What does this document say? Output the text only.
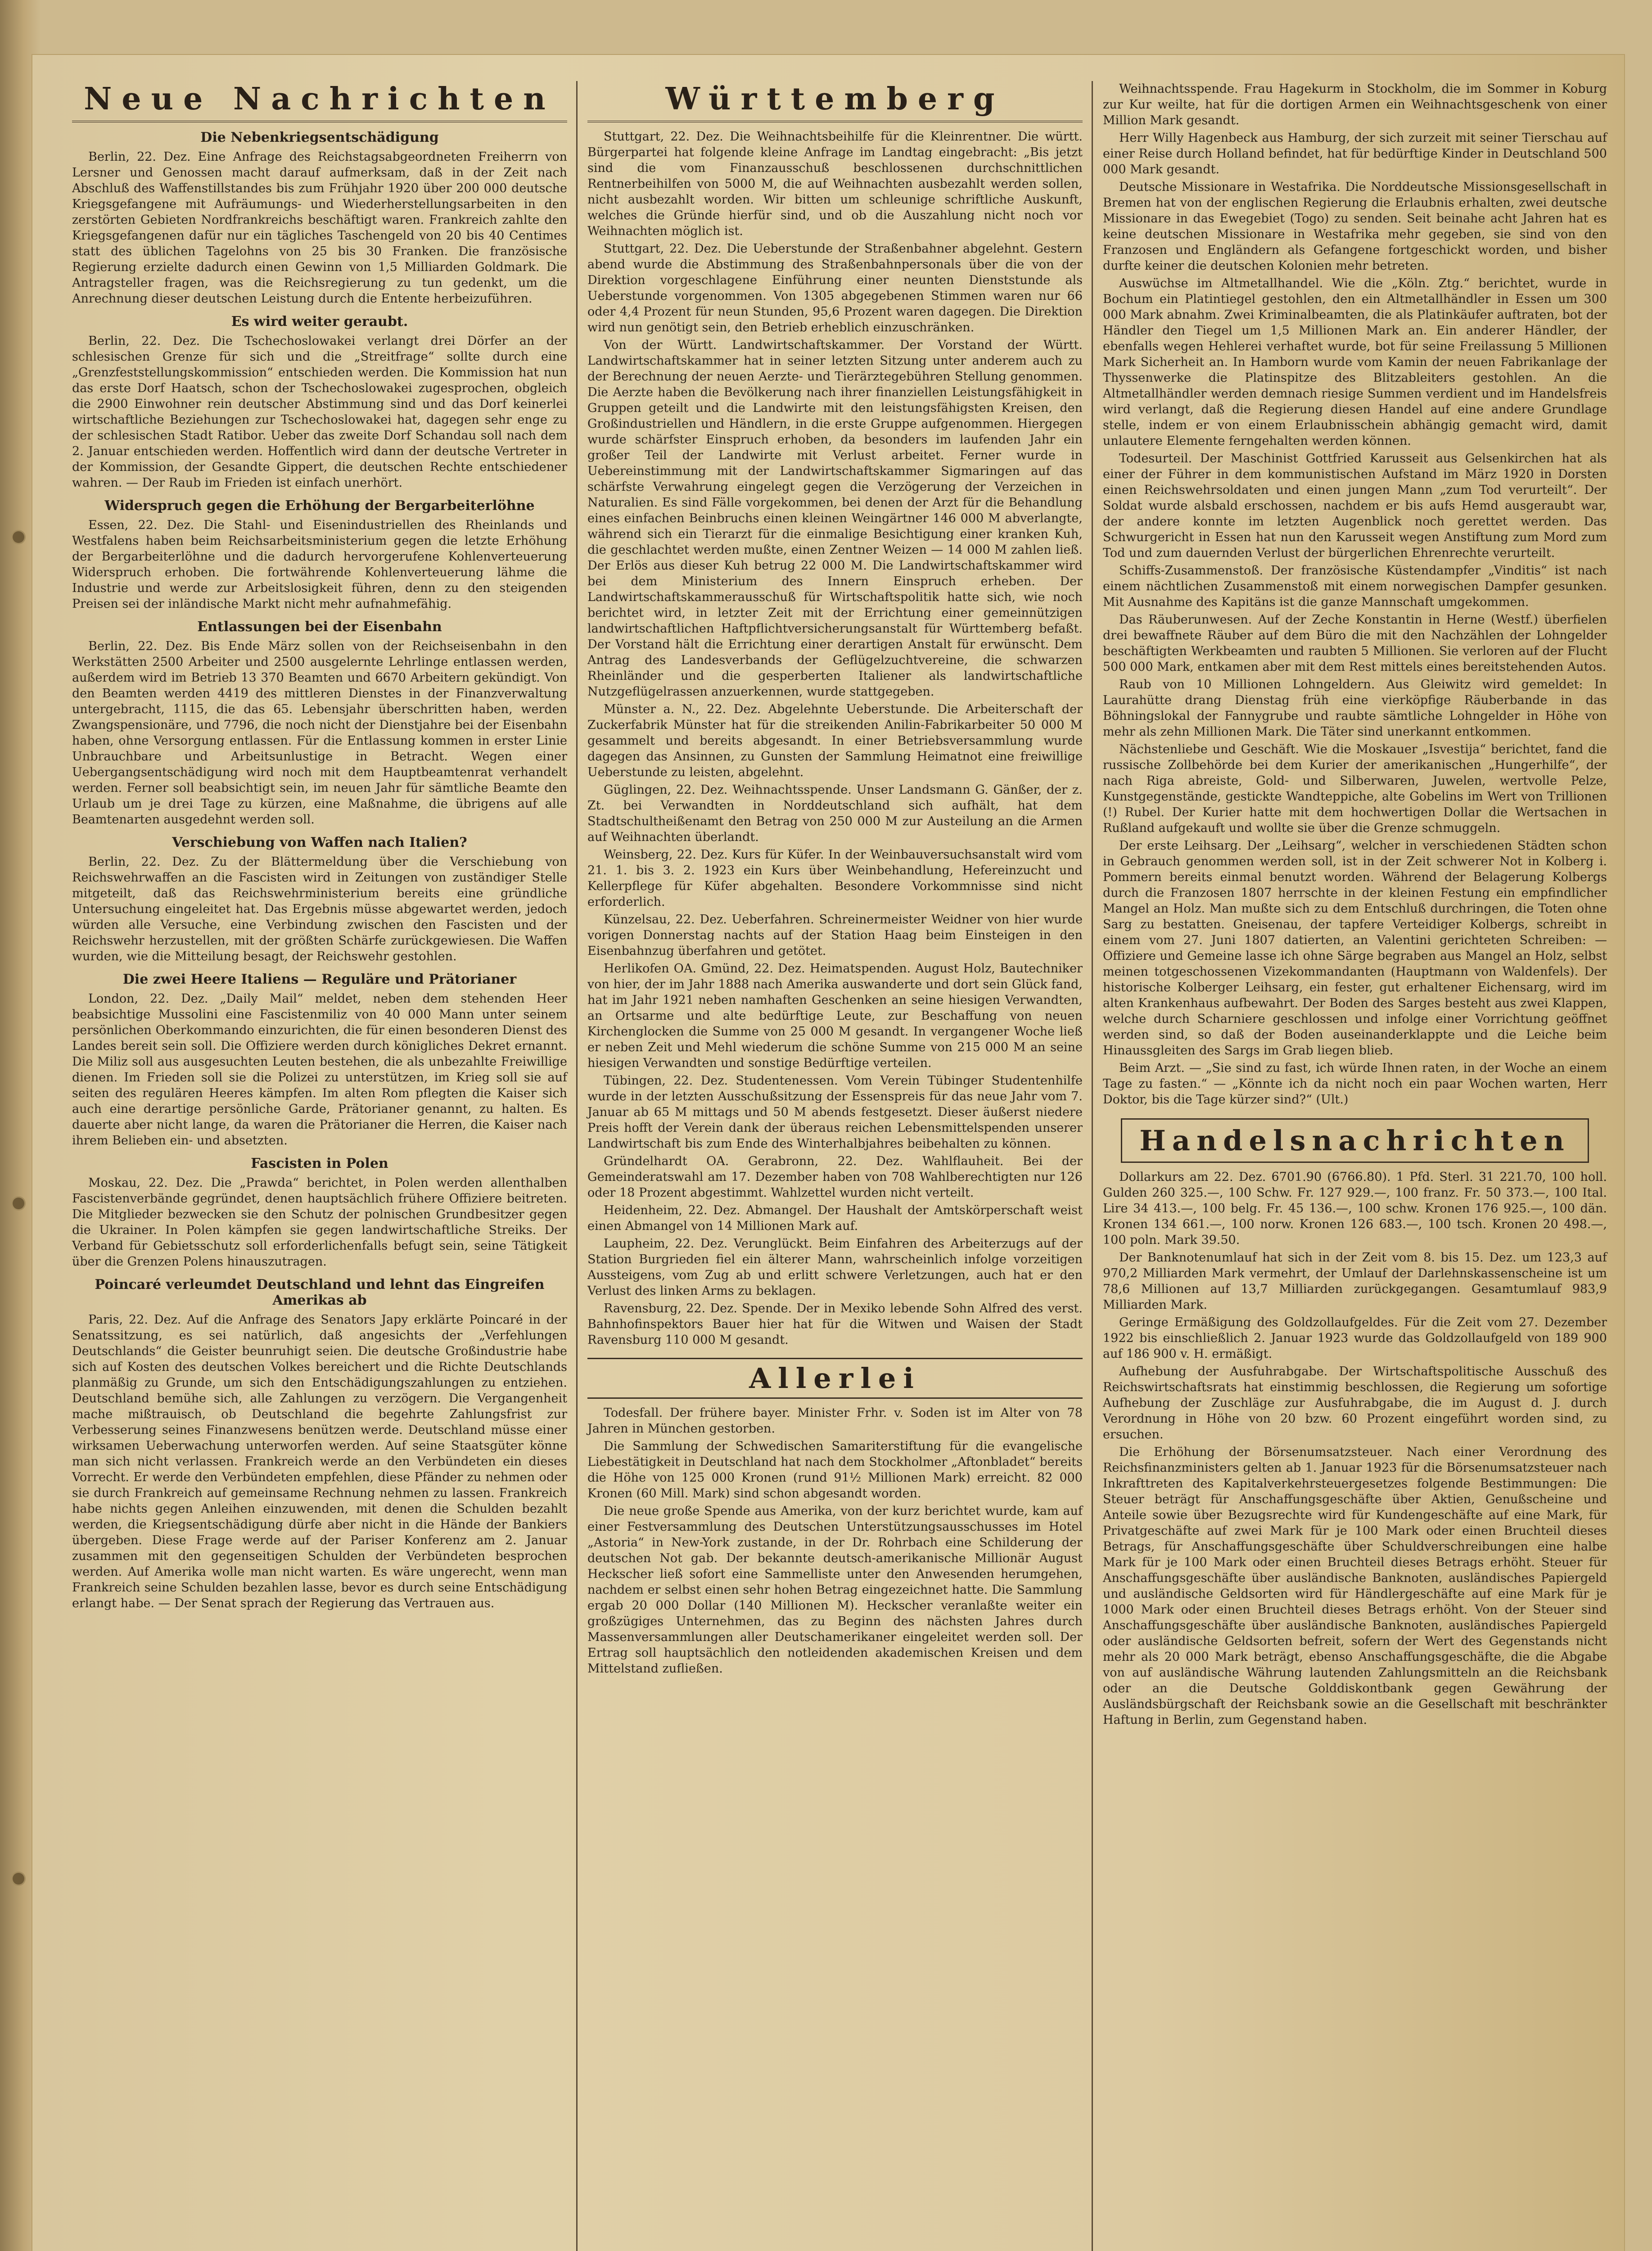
Neue Nachrichten
Die Nebenkriegsentschädigung

Berlin, 22. Dez. Eine Anfrage des Reichstagsabgeordneten Freiherrn von Lersner und Genossen macht darauf aufmerksam, daß in der Zeit nach Abschluß des Waffenstillstandes bis zum Frühjahr 1920 über 200 000 deutsche Kriegsgefangene mit Aufräumungs- und Wiederherstellungsarbeiten in den zerstörten Gebieten Nordfrankreichs beschäftigt waren. Frankreich zahlte den Kriegsgefangenen dafür nur ein tägliches Taschengeld von 20 bis 40 Centimes statt des üblichen Tagelohns von 25 bis 30 Franken. Die französische Regierung erzielte dadurch einen Gewinn von 1,5 Milliarden Goldmark. Die Antragsteller fragen, was die Reichsregierung zu tun gedenkt, um die Anrechnung dieser deutschen Leistung durch die Entente herbeizuführen.

Es wird weiter geraubt.

Berlin, 22. Dez. Die Tschechoslowakei verlangt drei Dörfer an der schlesischen Grenze für sich und die „Streitfrage“ sollte durch eine „Grenzfeststellungskommission“ entschieden werden. Die Kommission hat nun das erste Dorf Haatsch, schon der Tschechoslowakei zugesprochen, obgleich die 2900 Einwohner rein deutscher Abstimmung sind und das Dorf keinerlei wirtschaftliche Beziehungen zur Tschechoslowakei hat, dagegen sehr enge zu der schlesischen Stadt Ratibor. Ueber das zweite Dorf Schandau soll nach dem 2. Januar entschieden werden. Hoffentlich wird dann der deutsche Vertreter in der Kommission, der Gesandte Gippert, die deutschen Rechte entschiedener wahren. — Der Raub im Frieden ist einfach unerhört.

Widerspruch gegen die Erhöhung der Bergarbeiterlöhne

Essen, 22. Dez. Die Stahl- und Eisenindustriellen des Rheinlands und Westfalens haben beim Reichsarbeitsministerium gegen die letzte Erhöhung der Bergarbeiterlöhne und die dadurch hervorgerufene Kohlenverteuerung Widerspruch erhoben. Die fortwährende Kohlenverteuerung lähme die Industrie und werde zur Arbeitslosigkeit führen, denn zu den steigenden Preisen sei der inländische Markt nicht mehr aufnahmefähig.

Entlassungen bei der Eisenbahn

Berlin, 22. Dez. Bis Ende März sollen von der Reichseisenbahn in den Werkstätten 2500 Arbeiter und 2500 ausgelernte Lehrlinge entlassen werden, außerdem wird im Betrieb 13 370 Beamten und 6670 Arbeitern gekündigt. Von den Beamten werden 4419 des mittleren Dienstes in der Finanzverwaltung untergebracht, 1115, die das 65. Lebensjahr überschritten haben, werden Zwangspensionäre, und 7796, die noch nicht der Dienstjahre bei der Eisenbahn haben, ohne Versorgung entlassen. Für die Entlassung kommen in erster Linie Unbrauchbare und Arbeitsunlustige in Betracht. Wegen einer Uebergangsentschädigung wird noch mit dem Hauptbeamtenrat verhandelt werden. Ferner soll beabsichtigt sein, im neuen Jahr für sämtliche Beamte den Urlaub um je drei Tage zu kürzen, eine Maßnahme, die übrigens auf alle Beamtenarten ausgedehnt werden soll.

Verschiebung von Waffen nach Italien?

Berlin, 22. Dez. Zu der Blättermeldung über die Verschiebung von Reichswehrwaffen an die Fascisten wird in Zeitungen von zuständiger Stelle mitgeteilt, daß das Reichswehrministerium bereits eine gründliche Untersuchung eingeleitet hat. Das Ergebnis müsse abgewartet werden, jedoch würden alle Versuche, eine Verbindung zwischen den Fascisten und der Reichswehr herzustellen, mit der größten Schärfe zurückgewiesen. Die Waffen wurden, wie die Mitteilung besagt, der Reichswehr gestohlen.

Die zwei Heere Italiens — Reguläre und Prätorianer

London, 22. Dez. „Daily Mail“ meldet, neben dem stehenden Heer beabsichtige Mussolini eine Fascistenmiliz von 40 000 Mann unter seinem persönlichen Oberkommando einzurichten, die für einen besonderen Dienst des Landes bereit sein soll. Die Offiziere werden durch königliches Dekret ernannt. Die Miliz soll aus ausgesuchten Leuten bestehen, die als unbezahlte Freiwillige dienen. Im Frieden soll sie die Polizei zu unterstützen, im Krieg soll sie auf seiten des regulären Heeres kämpfen. Im alten Rom pflegten die Kaiser sich auch eine derartige persönliche Garde, Prätorianer genannt, zu halten. Es dauerte aber nicht lange, da waren die Prätorianer die Herren, die Kaiser nach ihrem Belieben ein- und absetzten.

Fascisten in Polen

Moskau, 22. Dez. Die „Prawda“ berichtet, in Polen werden allenthalben Fascistenverbände gegründet, denen hauptsächlich frühere Offiziere beitreten. Die Mitglieder bezwecken sie den Schutz der polnischen Grundbesitzer gegen die Ukrainer. In Polen kämpfen sie gegen landwirtschaftliche Streiks. Der Verband für Gebietsschutz soll erforderlichenfalls befugt sein, seine Tätigkeit über die Grenzen Polens hinauszutragen.

Poincaré verleumdet Deutschland und lehnt das Eingreifen Amerikas ab

Paris, 22. Dez. Auf die Anfrage des Senators Japy erklärte Poincaré in der Senatssitzung, es sei natürlich, daß angesichts der „Verfehlungen Deutschlands“ die Geister beunruhigt seien. Die deutsche Großindustrie habe sich auf Kosten des deutschen Volkes bereichert und die Richte Deutschlands planmäßig zu Grunde, um sich den Entschädigungszahlungen zu entziehen. Deutschland bemühe sich, alle Zahlungen zu verzögern. Die Vergangenheit mache mißtrauisch, ob Deutschland die begehrte Zahlungsfrist zur Verbesserung seines Finanzwesens benützen werde. Deutschland müsse einer wirksamen Ueberwachung unterworfen werden. Auf seine Staatsgüter könne man sich nicht verlassen. Frankreich werde an den Verbündeten ein dieses Vorrecht. Er werde den Verbündeten empfehlen, diese Pfänder zu nehmen oder sie durch Frankreich auf gemeinsame Rechnung nehmen zu lassen. Frankreich habe nichts gegen Anleihen einzuwenden, mit denen die Schulden bezahlt werden, die Kriegsentschädigung dürfe aber nicht in die Hände der Bankiers übergeben. Diese Frage werde auf der Pariser Konferenz am 2. Januar zusammen mit den gegenseitigen Schulden der Verbündeten besprochen werden. Auf Amerika wolle man nicht warten. Es wäre ungerecht, wenn man Frankreich seine Schulden bezahlen lasse, bevor es durch seine Entschädigung erlangt habe. — Der Senat sprach der Regierung das Vertrauen aus.

Württemberg

Stuttgart, 22. Dez. Die Weihnachtsbeihilfe für die Kleinrentner. Die württ. Bürgerpartei hat folgende kleine Anfrage im Landtag eingebracht: „Bis jetzt sind die vom Finanzausschuß beschlossenen durchschnittlichen Rentnerbeihilfen von 5000 M, die auf Weihnachten ausbezahlt werden sollen, nicht ausbezahlt worden. Wir bitten um schleunige schriftliche Auskunft, welches die Gründe hierfür sind, und ob die Auszahlung nicht noch vor Weihnachten möglich ist.

Stuttgart, 22. Dez. Die Ueberstunde der Straßenbahner abgelehnt. Gestern abend wurde die Abstimmung des Straßenbahnpersonals über die von der Direktion vorgeschlagene Einführung einer neunten Dienststunde als Ueberstunde vorgenommen. Von 1305 abgegebenen Stimmen waren nur 66 oder 4,4 Prozent für neun Stunden, 95,6 Prozent waren dagegen. Die Direktion wird nun genötigt sein, den Betrieb erheblich einzuschränken.

Von der Württ. Landwirtschaftskammer. Der Vorstand der Württ. Landwirtschaftskammer hat in seiner letzten Sitzung unter anderem auch zu der Berechnung der neuen Aerzte- und Tierärztegebühren Stellung genommen. Die Aerzte haben die Bevölkerung nach ihrer finanziellen Leistungsfähigkeit in Gruppen geteilt und die Landwirte mit den leistungsfähigsten Kreisen, den Großindustriellen und Händlern, in die erste Gruppe aufgenommen. Hiergegen wurde schärfster Einspruch erhoben, da besonders im laufenden Jahr ein großer Teil der Landwirte mit Verlust arbeitet. Ferner wurde in Uebereinstimmung mit der Landwirtschaftskammer Sigmaringen auf das schärfste Verwahrung eingelegt gegen die Verzögerung der Verzeichen in Naturalien. Es sind Fälle vorgekommen, bei denen der Arzt für die Behandlung eines einfachen Beinbruchs einen kleinen Weingärtner 146 000 M abverlangte, während sich ein Tierarzt für die einmalige Besichtigung einer kranken Kuh, die geschlachtet werden mußte, einen Zentner Weizen — 14 000 M zahlen ließ. Der Erlös aus dieser Kuh betrug 22 000 M. Die Landwirtschaftskammer wird bei dem Ministerium des Innern Einspruch erheben. Der Landwirtschaftskammerausschuß für Wirtschaftspolitik hatte sich, wie noch berichtet wird, in letzter Zeit mit der Errichtung einer gemeinnützigen landwirtschaftlichen Haftpflichtversicherungsanstalt für Württemberg befaßt. Der Vorstand hält die Errichtung einer derartigen Anstalt für erwünscht. Dem Antrag des Landesverbands der Geflügelzuchtvereine, die schwarzen Rheinländer und die gesperberten Italiener als landwirtschaftliche Nutzgeflügelrassen anzuerkennen, wurde stattgegeben.

Münster a. N., 22. Dez. Abgelehnte Ueberstunde. Die Arbeiterschaft der Zuckerfabrik Münster hat für die streikenden Anilin-Fabrikarbeiter 50 000 M gesammelt und bereits abgesandt. In einer Betriebsversammlung wurde dagegen das Ansinnen, zu Gunsten der Sammlung Heimatnot eine freiwillige Ueberstunde zu leisten, abgelehnt.

Güglingen, 22. Dez. Weihnachtsspende. Unser Landsmann G. Gänßer, der z. Zt. bei Verwandten in Norddeutschland sich aufhält, hat dem Stadtschultheißenamt den Betrag von 250 000 M zur Austeilung an die Armen auf Weihnachten überlandt.

Weinsberg, 22. Dez. Kurs für Küfer. In der Weinbauversuchsanstalt wird vom 21. 1. bis 3. 2. 1923 ein Kurs über Weinbehandlung, Hefereinzucht und Kellerpflege für Küfer abgehalten. Besondere Vorkommnisse sind nicht erforderlich.

Künzelsau, 22. Dez. Ueberfahren. Schreinermeister Weidner von hier wurde vorigen Donnerstag nachts auf der Station Haag beim Einsteigen in den Eisenbahnzug überfahren und getötet.

Herlikofen OA. Gmünd, 22. Dez. Heimatspenden. August Holz, Bautechniker von hier, der im Jahr 1888 nach Amerika auswanderte und dort sein Glück fand, hat im Jahr 1921 neben namhaften Geschenken an seine hiesigen Verwandten, an Ortsarme und alte bedürftige Leute, zur Beschaffung von neuen Kirchenglocken die Summe von 25 000 M gesandt. In vergangener Woche ließ er neben Zeit und Mehl wiederum die schöne Summe von 215 000 M an seine hiesigen Verwandten und sonstige Bedürftige verteilen.

Tübingen, 22. Dez. Studentenessen. Vom Verein Tübinger Studentenhilfe wurde in der letzten Ausschußsitzung der Essenspreis für das neue Jahr vom 7. Januar ab 65 M mittags und 50 M abends festgesetzt. Dieser äußerst niedere Preis hofft der Verein dank der überaus reichen Lebensmittelspenden unserer Landwirtschaft bis zum Ende des Winterhalbjahres beibehalten zu können.

Gründelhardt OA. Gerabronn, 22. Dez. Wahlflauheit. Bei der Gemeinderatswahl am 17. Dezember haben von 708 Wahlberechtigten nur 126 oder 18 Prozent abgestimmt. Wahlzettel wurden nicht verteilt.

Heidenheim, 22. Dez. Abmangel. Der Haushalt der Amtskörperschaft weist einen Abmangel von 14 Millionen Mark auf.

Laupheim, 22. Dez. Verunglückt. Beim Einfahren des Arbeiterzugs auf der Station Burgrieden fiel ein älterer Mann, wahrscheinlich infolge vorzeitigen Aussteigens, vom Zug ab und erlitt schwere Verletzungen, auch hat er den Verlust des linken Arms zu beklagen.

Ravensburg, 22. Dez. Spende. Der in Mexiko lebende Sohn Alfred des verst. Bahnhofinspektors Bauer hier hat für die Witwen und Waisen der Stadt Ravensburg 110 000 M gesandt.

Allerlei

Todesfall. Der frühere bayer. Minister Frhr. v. Soden ist im Alter von 78 Jahren in München gestorben.

Die Sammlung der Schwedischen Samariterstiftung für die evangelische Liebestätigkeit in Deutschland hat nach dem Stockholmer „Aftonbladet“ bereits die Höhe von 125 000 Kronen (rund 91½ Millionen Mark) erreicht. 82 000 Kronen (60 Mill. Mark) sind schon abgesandt worden.

Die neue große Spende aus Amerika, von der kurz berichtet wurde, kam auf einer Festversammlung des Deutschen Unterstützungsausschusses im Hotel „Astoria“ in New-York zustande, in der Dr. Rohrbach eine Schilderung der deutschen Not gab. Der bekannte deutsch-amerikanische Millionär August Heckscher ließ sofort eine Sammelliste unter den Anwesenden herumgehen, nachdem er selbst einen sehr hohen Betrag eingezeichnet hatte. Die Sammlung ergab 20 000 Dollar (140 Millionen M). Heckscher veranlaßte weiter ein großzügiges Unternehmen, das zu Beginn des nächsten Jahres durch Massenversammlungen aller Deutschamerikaner eingeleitet werden soll. Der Ertrag soll hauptsächlich den notleidenden akademischen Kreisen und dem Mittelstand zufließen.

Weihnachtsspende. Frau Hagekurm in Stockholm, die im Sommer in Koburg zur Kur weilte, hat für die dortigen Armen ein Weihnachtsgeschenk von einer Million Mark gesandt.

Herr Willy Hagenbeck aus Hamburg, der sich zurzeit mit seiner Tierschau auf einer Reise durch Holland befindet, hat für bedürftige Kinder in Deutschland 500 000 Mark gesandt.

Deutsche Missionare in Westafrika. Die Norddeutsche Missionsgesellschaft in Bremen hat von der englischen Regierung die Erlaubnis erhalten, zwei deutsche Missionare in das Ewegebiet (Togo) zu senden. Seit beinahe acht Jahren hat es keine deutschen Missionare in Westafrika mehr gegeben, sie sind von den Franzosen und Engländern als Gefangene fortgeschickt worden, und bisher durfte keiner die deutschen Kolonien mehr betreten.

Auswüchse im Altmetallhandel. Wie die „Köln. Ztg.“ berichtet, wurde in Bochum ein Platintiegel gestohlen, den ein Altmetallhändler in Essen um 300 000 Mark abnahm. Zwei Kriminalbeamten, die als Platinkäufer auftraten, bot der Händler den Tiegel um 1,5 Millionen Mark an. Ein anderer Händler, der ebenfalls wegen Hehlerei verhaftet wurde, bot für seine Freilassung 5 Millionen Mark Sicherheit an. In Hamborn wurde vom Kamin der neuen Fabrikanlage der Thyssenwerke die Platinspitze des Blitzableiters gestohlen. An die Altmetallhändler werden demnach riesige Summen verdient und im Handelsfreis wird verlangt, daß die Regierung diesen Handel auf eine andere Grundlage stelle, indem er von einem Erlaubnisschein abhängig gemacht wird, damit unlautere Elemente ferngehalten werden können.

Todesurteil. Der Maschinist Gottfried Karusseit aus Gelsenkirchen hat als einer der Führer in dem kommunistischen Aufstand im März 1920 in Dorsten einen Reichswehrsoldaten und einen jungen Mann „zum Tod verurteilt“. Der Soldat wurde alsbald erschossen, nachdem er bis aufs Hemd ausgeraubt war, der andere konnte im letzten Augenblick noch gerettet werden. Das Schwurgericht in Essen hat nun den Karusseit wegen Anstiftung zum Mord zum Tod und zum dauernden Verlust der bürgerlichen Ehrenrechte verurteilt.

Schiffs-Zusammenstoß. Der französische Küstendampfer „Vinditis“ ist nach einem nächtlichen Zusammenstoß mit einem norwegischen Dampfer gesunken. Mit Ausnahme des Kapitäns ist die ganze Mannschaft umgekommen.

Das Räuberunwesen. Auf der Zeche Konstantin in Herne (Westf.) überfielen drei bewaffnete Räuber auf dem Büro die mit den Nachzählen der Lohngelder beschäftigten Werkbeamten und raubten 5 Millionen. Sie verloren auf der Flucht 500 000 Mark, entkamen aber mit dem Rest mittels eines bereitstehenden Autos.

Raub von 10 Millionen Lohngeldern. Aus Gleiwitz wird gemeldet: In Laurahütte drang Dienstag früh eine vierköpfige Räuberbande in das Böhningslokal der Fannygrube und raubte sämtliche Lohngelder in Höhe von mehr als zehn Millionen Mark. Die Täter sind unerkannt entkommen.

Nächstenliebe und Geschäft. Wie die Moskauer „Isvestija“ berichtet, fand die russische Zollbehörde bei dem Kurier der amerikanischen „Hungerhilfe“, der nach Riga abreiste, Gold- und Silberwaren, Juwelen, wertvolle Pelze, Kunstgegenstände, gestickte Wandteppiche, alte Gobelins im Wert von Trillionen (!) Rubel. Der Kurier hatte mit dem hochwertigen Dollar die Wertsachen in Rußland aufgekauft und wollte sie über die Grenze schmuggeln.

Der erste Leihsarg. Der „Leihsarg“, welcher in verschiedenen Städten schon in Gebrauch genommen werden soll, ist in der Zeit schwerer Not in Kolberg i. Pommern bereits einmal benutzt worden. Während der Belagerung Kolbergs durch die Franzosen 1807 herrschte in der kleinen Festung ein empfindlicher Mangel an Holz. Man mußte sich zu dem Entschluß durchringen, die Toten ohne Sarg zu bestatten. Gneisenau, der tapfere Verteidiger Kolbergs, schreibt in einem vom 27. Juni 1807 datierten, an Valentini gerichteten Schreiben: — Offiziere und Gemeine lasse ich ohne Särge begraben aus Mangel an Holz, selbst meinen totgeschossenen Vizekommandanten (Hauptmann von Waldenfels). Der historische Kolberger Leihsarg, ein fester, gut erhaltener Eichensarg, wird im alten Krankenhaus aufbewahrt. Der Boden des Sarges besteht aus zwei Klappen, welche durch Scharniere geschlossen und infolge einer Vorrichtung geöffnet werden sind, so daß der Boden auseinanderklappte und die Leiche beim Hinaussgleiten des Sargs im Grab liegen blieb.

Beim Arzt. — „Sie sind zu fast, ich würde Ihnen raten, in der Woche an einem Tage zu fasten.“ — „Könnte ich da nicht noch ein paar Wochen warten, Herr Doktor, bis die Tage kürzer sind?“ (Ult.)

Handelsnachrichten

Dollarkurs am 22. Dez. 6701.90 (6766.80). 1 Pfd. Sterl. 31 221.70, 100 holl. Gulden 260 325.—, 100 Schw. Fr. 127 929.—, 100 franz. Fr. 50 373.—, 100 Ital. Lire 34 413.—, 100 belg. Fr. 45 136.—, 100 schw. Kronen 176 925.—, 100 dän. Kronen 134 661.—, 100 norw. Kronen 126 683.—, 100 tsch. Kronen 20 498.—, 100 poln. Mark 39.50.

Der Banknotenumlauf hat sich in der Zeit vom 8. bis 15. Dez. um 123,3 auf 970,2 Milliarden Mark vermehrt, der Umlauf der Darlehnskassenscheine ist um 78,6 Millionen auf 13,7 Milliarden zurückgegangen. Gesamtumlauf 983,9 Milliarden Mark.

Geringe Ermäßigung des Goldzollaufgeldes. Für die Zeit vom 27. Dezember 1922 bis einschließlich 2. Januar 1923 wurde das Goldzollaufgeld von 189 900 auf 186 900 v. H. ermäßigt.

Aufhebung der Ausfuhrabgabe. Der Wirtschaftspolitische Ausschuß des Reichswirtschaftsrats hat einstimmig beschlossen, die Regierung um sofortige Aufhebung der Zuschläge zur Ausfuhrabgabe, die im August d. J. durch Verordnung in Höhe von 20 bzw. 60 Prozent eingeführt worden sind, zu ersuchen.

Die Erhöhung der Börsenumsatzsteuer. Nach einer Verordnung des Reichsfinanzministers gelten ab 1. Januar 1923 für die Börsenumsatzsteuer nach Inkrafttreten des Kapitalverkehrsteuergesetzes folgende Bestimmungen: Die Steuer beträgt für Anschaffungsgeschäfte über Aktien, Genußscheine und Anteile sowie über Bezugsrechte wird für Kundengeschäfte auf eine Mark, für Privatgeschäfte auf zwei Mark für je 100 Mark oder einen Bruchteil dieses Betrags, für Anschaffungsgeschäfte über Schuldverschreibungen eine halbe Mark für je 100 Mark oder einen Bruchteil dieses Betrags erhöht. Steuer für Anschaffungsgeschäfte über ausländische Banknoten, ausländisches Papiergeld und ausländische Geldsorten wird für Händlergeschäfte auf eine Mark für je 1000 Mark oder einen Bruchteil dieses Betrags erhöht. Von der Steuer sind Anschaffungsgeschäfte über ausländische Banknoten, ausländisches Papiergeld oder ausländische Geldsorten befreit, sofern der Wert des Gegenstands nicht mehr als 20 000 Mark beträgt, ebenso Anschaffungsgeschäfte, die die Abgabe von auf ausländische Währung lautenden Zahlungsmitteln an die Reichsbank oder an die Deutsche Golddiskontbank gegen Gewährung der Ausländsbürgschaft der Reichsbank sowie an die Gesellschaft mit beschränkter Haftung in Berlin, zum Gegenstand haben.
